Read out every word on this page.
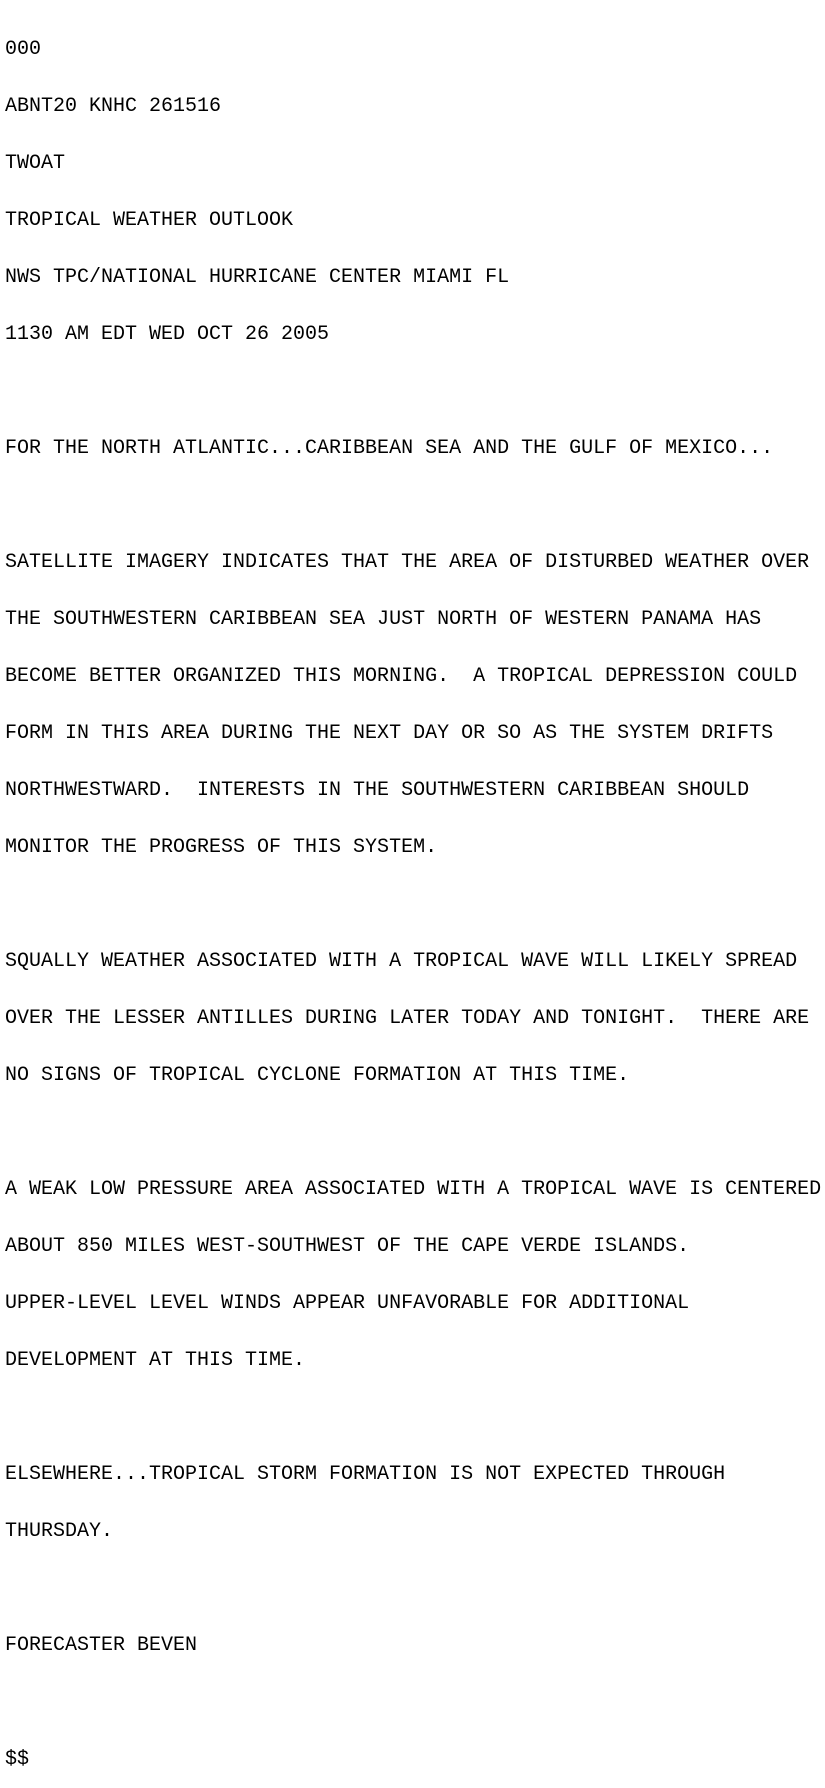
000

ABNT20 KNHC 261516

TWOAT

TROPICAL WEATHER OUTLOOK

NWS TPC/NATIONAL HURRICANE CENTER MIAMI FL

1130 AM EDT WED OCT 26 2005

FOR THE NORTH ATLANTIC...CARIBBEAN SEA AND THE GULF OF MEXICO...

SATELLITE IMAGERY INDICATES THAT THE AREA OF DISTURBED WEATHER OVER

THE SOUTHWESTERN CARIBBEAN SEA JUST NORTH OF WESTERN PANAMA HAS

BECOME BETTER ORGANIZED THIS MORNING.  A TROPICAL DEPRESSION COULD

FORM IN THIS AREA DURING THE NEXT DAY OR SO AS THE SYSTEM DRIFTS

NORTHWESTWARD.  INTERESTS IN THE SOUTHWESTERN CARIBBEAN SHOULD

MONITOR THE PROGRESS OF THIS SYSTEM.

SQUALLY WEATHER ASSOCIATED WITH A TROPICAL WAVE WILL LIKELY SPREAD

OVER THE LESSER ANTILLES DURING LATER TODAY AND TONIGHT.  THERE ARE

NO SIGNS OF TROPICAL CYCLONE FORMATION AT THIS TIME.

A WEAK LOW PRESSURE AREA ASSOCIATED WITH A TROPICAL WAVE IS CENTERED

ABOUT 850 MILES WEST-SOUTHWEST OF THE CAPE VERDE ISLANDS.

UPPER-LEVEL LEVEL WINDS APPEAR UNFAVORABLE FOR ADDITIONAL

DEVELOPMENT AT THIS TIME.

ELSEWHERE...TROPICAL STORM FORMATION IS NOT EXPECTED THROUGH

THURSDAY.

FORECASTER BEVEN

$$
